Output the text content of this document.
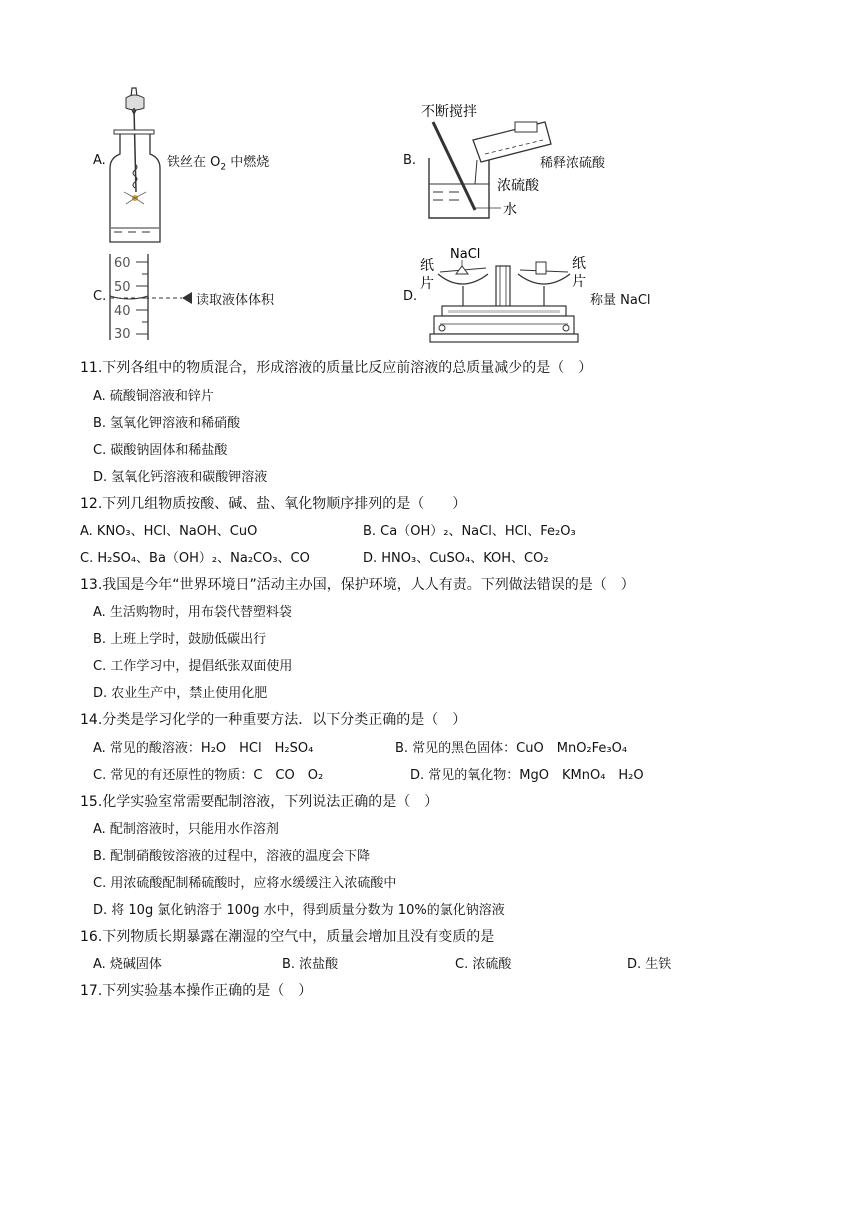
A.	铁丝在 $O_2$ 中燃烧	B.
不断搅拌
浓硫酸
水
稀释浓硫酸
C.
60
50
40
30
读取液体体积	D.
NaCl
纸
片
纸
片
称量 NaCl
11.下列各组中的物质混合，形成溶液的质量比反应前溶液的总质量减少的是（　）
A. 硫酸铜溶液和锌片
B. 氢氧化钾溶液和稀硝酸
C. 碳酸钠固体和稀盐酸
D. 氢氧化钙溶液和碳酸钾溶液
12.下列几组物质按酸、碱、盐、氧化物顺序排列的是（　　）
A. KNO₃、HCl、NaOH、CuO	B. Ca（OH）₂、NaCl、HCl、Fe₂O₃
C. H₂SO₄、Ba（OH）₂、Na₂CO₃、CO	D. HNO₃、CuSO₄、KOH、CO₂
13.我国是今年“世界环境日”活动主办国，保护环境，人人有责。下列做法错误的是（　）
A. 生活购物时，用布袋代替塑料袋
B. 上班上学时，鼓励低碳出行
C. 工作学习中，提倡纸张双面使用
D. 农业生产中，禁止使用化肥
14.分类是学习化学的一种重要方法．以下分类正确的是（　）
A. 常见的酸溶液：H₂O　HCl　H₂SO₄	B. 常见的黑色固体：CuO　MnO₂Fe₃O₄
C. 常见的有还原性的物质：C　CO　O₂	D. 常见的氧化物：MgO　KMnO₄　H₂O
15.化学实验室常需要配制溶液，下列说法正确的是（　）
A. 配制溶液时，只能用水作溶剂
B. 配制硝酸铵溶液的过程中，溶液的温度会下降
C. 用浓硫酸配制稀硫酸时，应将水缓缓注入浓硫酸中
D. 将 10g 氯化钠溶于 100g 水中，得到质量分数为 10%的氯化钠溶液
16.下列物质长期暴露在潮湿的空气中，质量会增加且没有变质的是
A. 烧碱固体	B. 浓盐酸	C. 浓硫酸	D. 生铁
17.下列实验基本操作正确的是（　）
